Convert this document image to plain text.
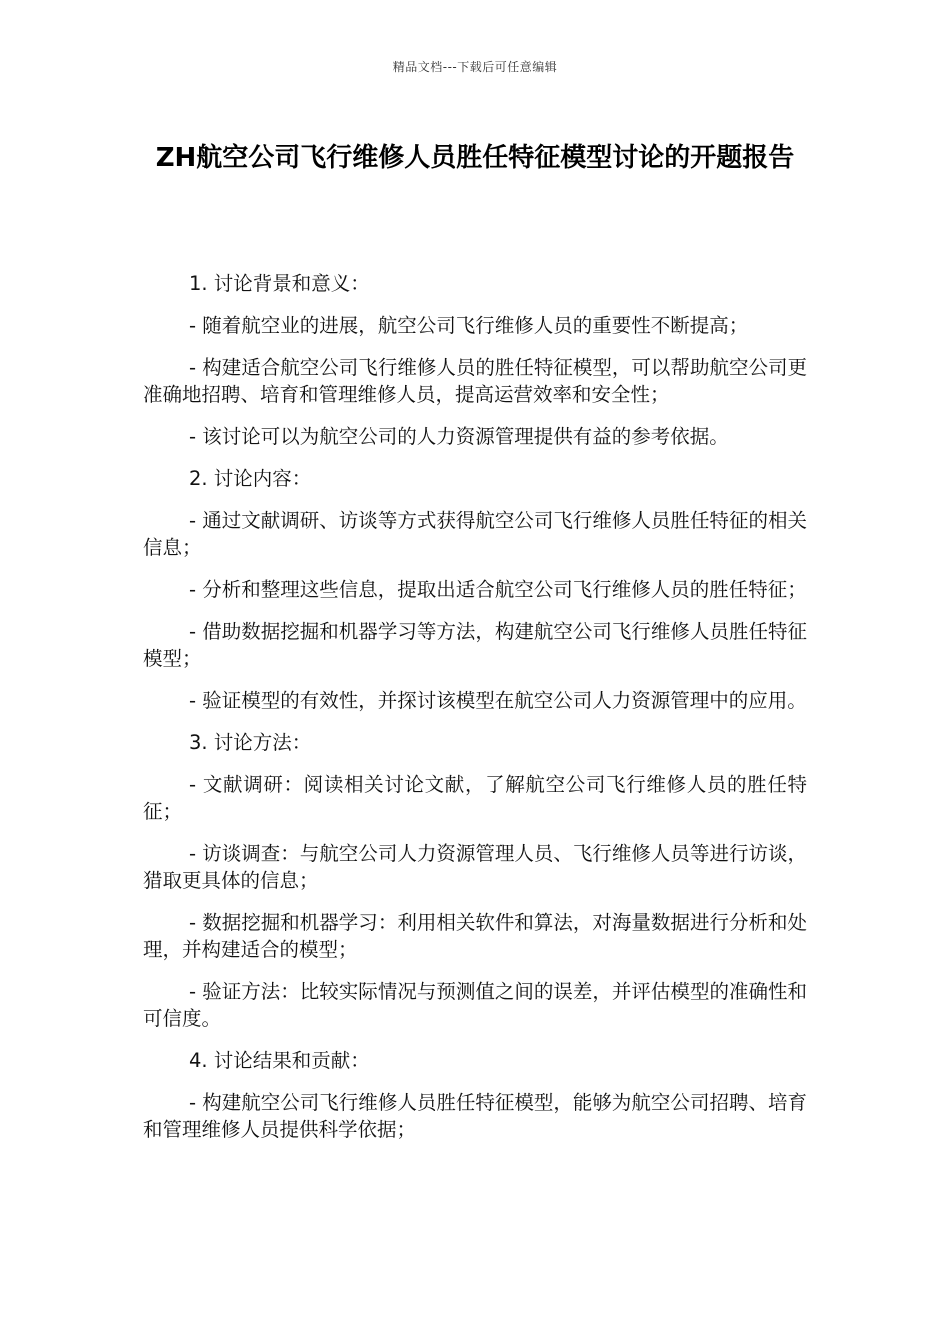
精品文档---下载后可任意编辑
ZH航空公司飞行维修人员胜任特征模型讨论的开题报告

1. 讨论背景和意义：

- 随着航空业的进展，航空公司飞行维修人员的重要性不断提高；

- 构建适合航空公司飞行维修人员的胜任特征模型，可以帮助航空公司更准确地招聘、培育和管理维修人员，提高运营效率和安全性；

- 该讨论可以为航空公司的人力资源管理提供有益的参考依据。

2. 讨论内容：

- 通过文献调研、访谈等方式获得航空公司飞行维修人员胜任特征的相关信息；

- 分析和整理这些信息，提取出适合航空公司飞行维修人员的胜任特征；

- 借助数据挖掘和机器学习等方法，构建航空公司飞行维修人员胜任特征模型；

- 验证模型的有效性，并探讨该模型在航空公司人力资源管理中的应用。

3. 讨论方法：

- 文献调研：阅读相关讨论文献，了解航空公司飞行维修人员的胜任特征；

- 访谈调查：与航空公司人力资源管理人员、飞行维修人员等进行访谈，猎取更具体的信息；

- 数据挖掘和机器学习：利用相关软件和算法，对海量数据进行分析和处理，并构建适合的模型；

- 验证方法：比较实际情况与预测值之间的误差，并评估模型的准确性和可信度。

4. 讨论结果和贡献：

- 构建航空公司飞行维修人员胜任特征模型，能够为航空公司招聘、培育和管理维修人员提供科学依据；
